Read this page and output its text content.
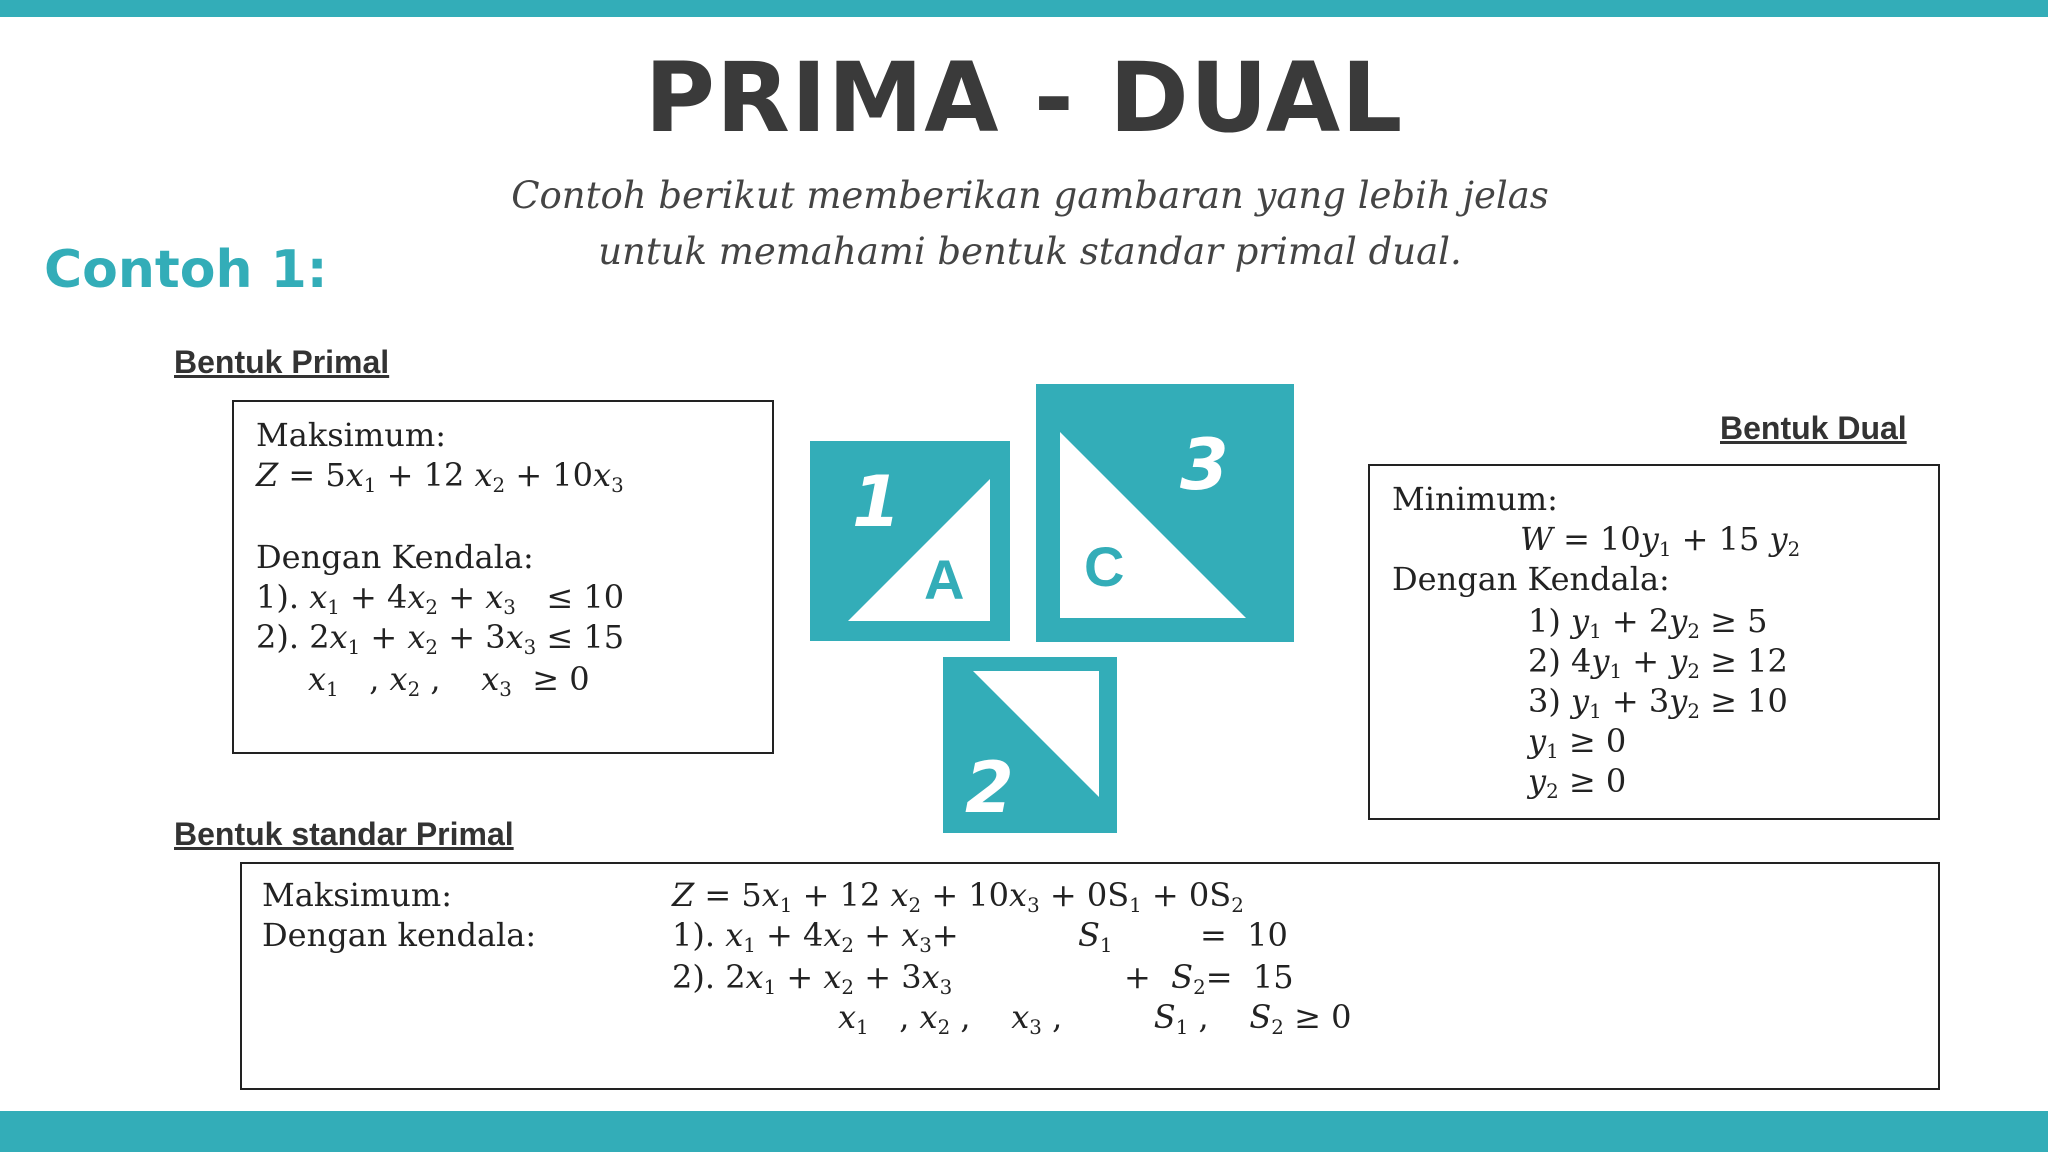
PRIMA - DUAL
Contoh berikut memberikan gambaran yang lebih jelas
untuk memahami bentuk standar primal dual.
Contoh 1:
Bentuk Primal
Maksimum:
$Z = 5x_1 + 12$ $x_2 + 10x_3$
Dengan Kendala:
1). $x_1 + 4x_2 + x_3 \le 10$
2). $2x_1 + x_2 + 3x_3 \le 15$
$x_1$   , $x_2$ ,    $x_3 \ge 0$
1
A
3
C
2
B
Bentuk Dual
Minimum:
$W = 10y_1 + 15$ $y_2$
Dengan Kendala:
1) $y_1 + 2y_2 \ge 5$
2) $4y_1 + y_2 \ge 12$
3) $y_1 + 3y_2 \ge 10$
$y_1 \ge 0$
$y_2 \ge 0$
Bentuk standar Primal
Maksimum:
Dengan kendala:
$Z = 5x_1 + 12$ $x_2 + 10x_3 + 0S_1 + 0S_2$
1). $x_1 + 4x_2 + x_3+$	$S_1$	=  10
2). $2x_1 + x_2 + 3x_3$	+  $S_2= 15$
$x_1$   , $x_2$ ,    $x_3$ ,         $S_1$ ,    $S_2 \ge 0$
